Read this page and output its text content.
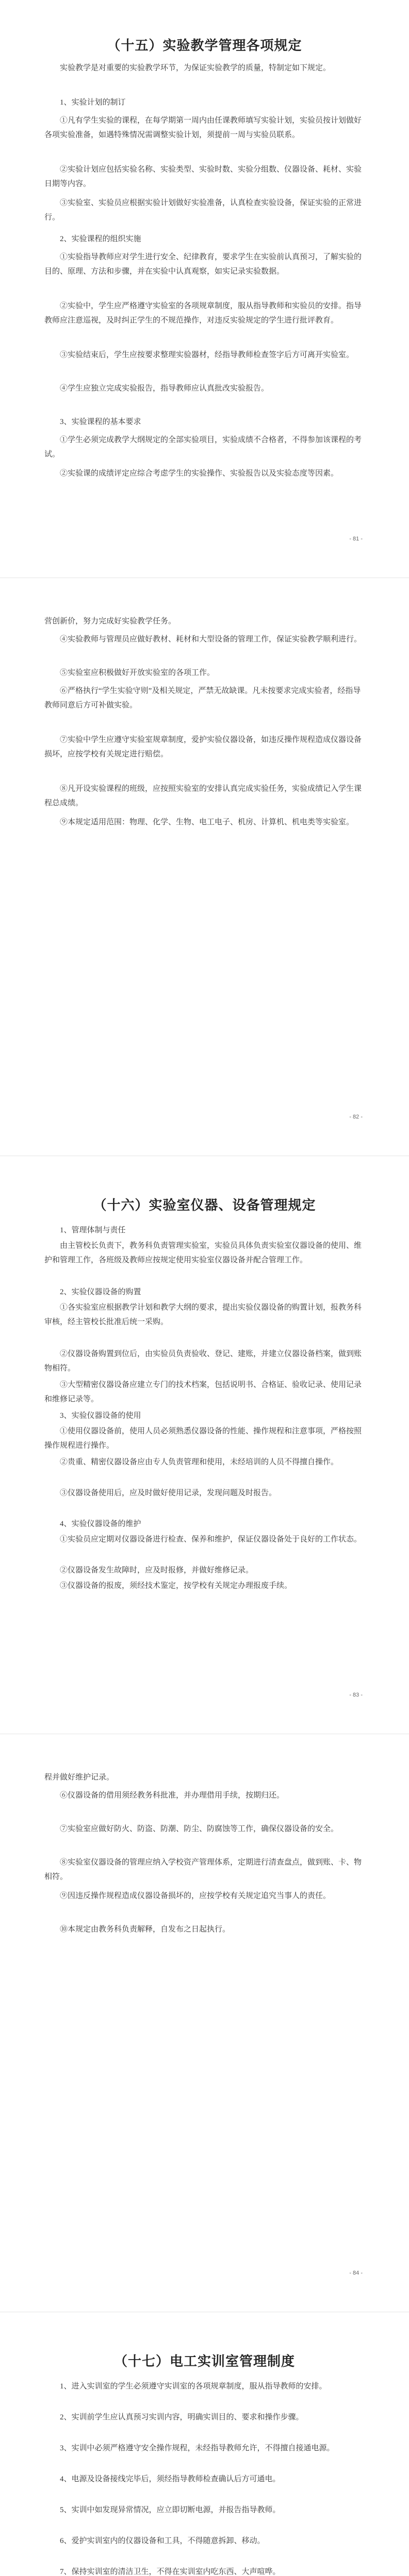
（十五）实验教学管理各项规定

实验教学是对重要的实验教学环节，为保证实验教学的质量，特制定如下规定。

1、实验计划的制订

①凡有学生实验的课程，在每学期第一周内由任课教师填写实验计划，实验员按计划做好各项实验准备，如遇特殊情况需调整实验计划，须提前一周与实验员联系。

②实验计划应包括实验名称、实验类型、实验时数、实验分组数、仪器设备、耗材、实验日期等内容。

③实验室、实验员应根据实验计划做好实验准备，认真检查实验设备，保证实验的正常进行。

2、实验课程的组织实施

①实验指导教师应对学生进行安全、纪律教育，要求学生在实验前认真预习，了解实验的目的、原理、方法和步骤，并在实验中认真观察，如实记录实验数据。

②实验中，学生应严格遵守实验室的各项规章制度，服从指导教师和实验员的安排。指导教师应注意巡视，及时纠正学生的不规范操作，对违反实验规定的学生进行批评教育。

③实验结束后，学生应按要求整理实验器材，经指导教师检查签字后方可离开实验室。

④学生应独立完成实验报告，指导教师应认真批改实验报告。

3、实验课程的基本要求

①学生必须完成教学大纲规定的全部实验项目，实验成绩不合格者，不得参加该课程的考试。

②实验课的成绩评定应综合考虑学生的实验操作、实验报告以及实验态度等因素。

- 81 -

营创新价，努力完成好实验教学任务。

④实验教师与管理员应做好教材、耗材和大型设备的管理工作，保证实验教学顺利进行。

⑤实验室应积极做好开放实验室的各项工作。

⑥严格执行“学生实验守则”及相关规定，严禁无故缺课。凡未按要求完成实验者，经指导教师同意后方可补做实验。

⑦实验中学生应遵守实验室规章制度，爱护实验仪器设备，如违反操作规程造成仪器设备损坏，应按学校有关规定进行赔偿。

⑧凡开设实验课程的班级，应按照实验室的安排认真完成实验任务，实验成绩记入学生课程总成绩。

⑨本规定适用范围：物理、化学、生物、电工电子、机房、计算机、机电类等实验室。

- 82 -
（十六）实验室仪器、设备管理规定

1、管理体制与责任

由主管校长负责下，教务科负责管理实验室，实验员具体负责实验室仪器设备的使用、维护和管理工作，各班级及教师应按规定使用实验室仪器设备并配合管理工作。

2、实验仪器设备的购置

①各实验室应根据教学计划和教学大纲的要求，提出实验仪器设备的购置计划，报教务科审核，经主管校长批准后统一采购。

②仪器设备购置到位后，由实验员负责验收、登记、建账，并建立仪器设备档案，做到账物相符。

③大型精密仪器设备应建立专门的技术档案，包括说明书、合格证、验收记录、使用记录和维修记录等。

3、实验仪器设备的使用

①使用仪器设备前，使用人员必须熟悉仪器设备的性能、操作规程和注意事项，严格按照操作规程进行操作。

②贵重、精密仪器设备应由专人负责管理和使用，未经培训的人员不得擅自操作。

③仪器设备使用后，应及时做好使用记录，发现问题及时报告。

4、实验仪器设备的维护

①实验员应定期对仪器设备进行检查、保养和维护，保证仪器设备处于良好的工作状态。

②仪器设备发生故障时，应及时报修，并做好维修记录。

③仪器设备的报废，须经技术鉴定，按学校有关规定办理报废手续。

- 83 -

程并做好维护记录。

⑥仪器设备的借用须经教务科批准，并办理借用手续，按期归还。

⑦实验室应做好防火、防盗、防潮、防尘、防腐蚀等工作，确保仪器设备的安全。

⑧实验室仪器设备的管理应纳入学校资产管理体系，定期进行清查盘点，做到账、卡、物相符。

⑨因违反操作规程造成仪器设备损坏的，应按学校有关规定追究当事人的责任。

⑩本规定由教务科负责解释，自发布之日起执行。

- 84 -
（十七）电工实训室管理制度

1、进入实训室的学生必须遵守实训室的各项规章制度，服从指导教师的安排。

2、实训前学生应认真预习实训内容，明确实训目的、要求和操作步骤。

3、实训中必须严格遵守安全操作规程，未经指导教师允许，不得擅自接通电源。

4、电源及设备接线完毕后，须经指导教师检查确认后方可通电。

5、实训中如发现异常情况，应立即切断电源，并报告指导教师。

6、爱护实训室内的仪器设备和工具，不得随意拆卸、移动。

7、保持实训室的清洁卫生，不得在实训室内吃东西、大声喧哗。
